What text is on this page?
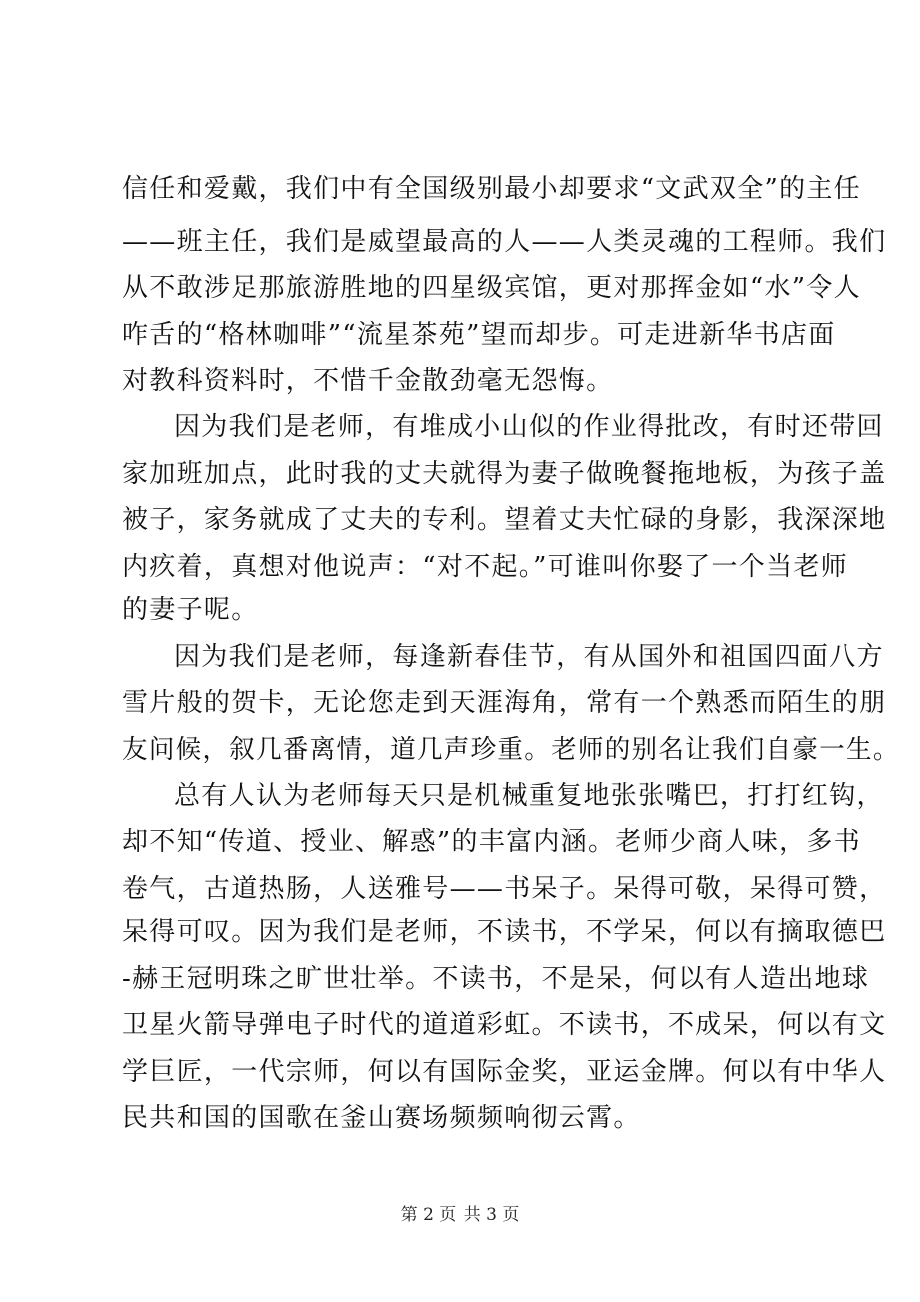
信任和爱戴，我们中有全国级别最小却要求“文武双全”的主任
——班主任，我们是威望最高的人——人类灵魂的工程师。我们
从不敢涉足那旅游胜地的四星级宾馆，更对那挥金如“水”令人
咋舌的“格林咖啡”“流星茶苑”望而却步。可走进新华书店面
对教科资料时，不惜千金散劲毫无怨悔。
因为我们是老师，有堆成小山似的作业得批改，有时还带回
家加班加点，此时我的丈夫就得为妻子做晚餐拖地板，为孩子盖
被子，家务就成了丈夫的专利。望着丈夫忙碌的身影，我深深地
内疚着，真想对他说声：“对不起。”可谁叫你娶了一个当老师
的妻子呢。
因为我们是老师，每逢新春佳节，有从国外和祖国四面八方
雪片般的贺卡，无论您走到天涯海角，常有一个熟悉而陌生的朋
友问候，叙几番离情，道几声珍重。老师的别名让我们自豪一生。
总有人认为老师每天只是机械重复地张张嘴巴，打打红钩，
却不知“传道、授业、解惑”的丰富内涵。老师少商人味，多书
卷气，古道热肠，人送雅号——书呆子。呆得可敬，呆得可赞，
呆得可叹。因为我们是老师，不读书，不学呆，何以有摘取德巴
-赫王冠明珠之旷世壮举。不读书，不是呆，何以有人造出地球
卫星火箭导弹电子时代的道道彩虹。不读书，不成呆，何以有文
学巨匠，一代宗师，何以有国际金奖，亚运金牌。何以有中华人
民共和国的国歌在釜山赛场频频响彻云霄。
第 2 页 共 3 页
